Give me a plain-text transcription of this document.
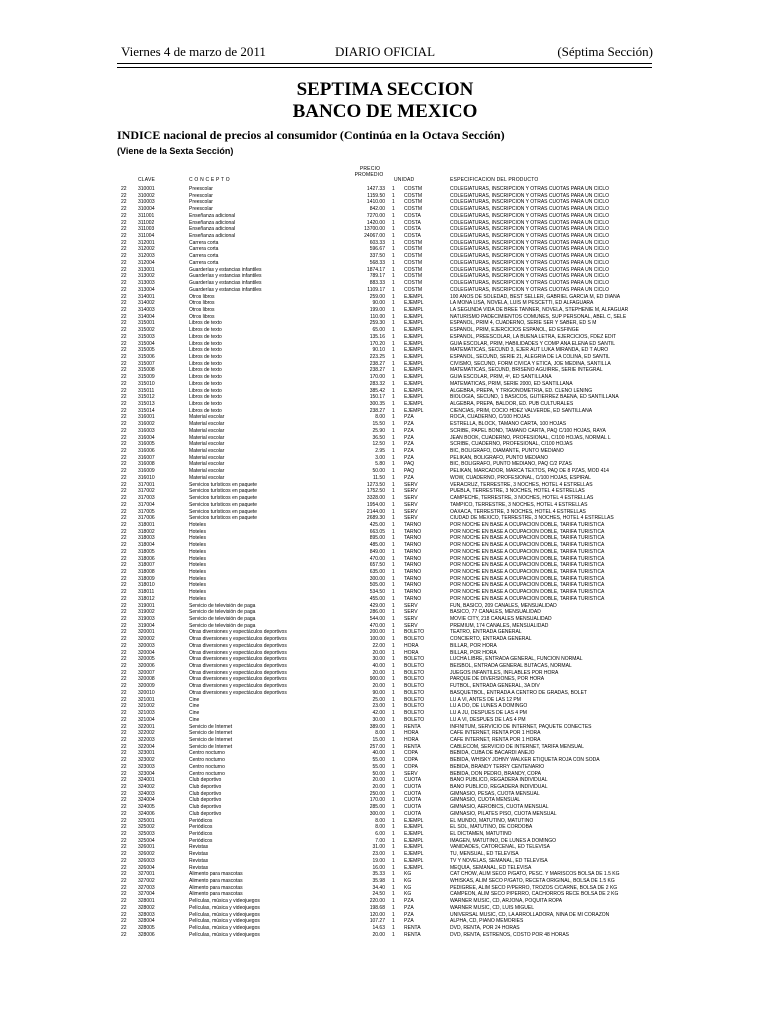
Viernes 4 de marzo de 2011	DIARIO OFICIAL	(Séptima Sección)
SEPTIMA SECCION
BANCO DE MEXICO
INDICE nacional de precios al consumidor (Continúa en la Octava Sección)
(Viene de la Sexta Sección)
CLAVE	C O N C E P T O
PRECIO
PROMEDIO
UNIDAD	ESPECIFICACION DEL PRODUCTO
22 310001	Preescolar	1427.33 1 COSTM	COLEGIATURAS, INSCRIPCION Y OTRAS CUOTAS PARA UN CICLO
22 310002	Preescolar	1159.50 1 COSTM	COLEGIATURAS, INSCRIPCION Y OTRAS CUOTAS PARA UN CICLO
22 310003	Preescolar	1410.00 1 COSTM	COLEGIATURAS, INSCRIPCION Y OTRAS CUOTAS PARA UN CICLO
22 310004	Preescolar	842.00 1 COSTM	COLEGIATURAS, INSCRIPCION Y OTRAS CUOTAS PARA UN CICLO
22 311001	Enseñanza adicional	7270.00 1 COSTA	COLEGIATURAS, INSCRIPCION Y OTRAS CUOTAS PARA UN CICLO
22 311002	Enseñanza adicional	1420.00 1 COSTA	COLEGIATURAS, INSCRIPCION Y OTRAS CUOTAS PARA UN CICLO
22 311003	Enseñanza adicional	13700.00 1 COSTA	COLEGIATURAS, INSCRIPCION Y OTRAS CUOTAS PARA UN CICLO
22 311004	Enseñanza adicional	24067.00 1 COSTA	COLEGIATURAS, INSCRIPCION Y OTRAS CUOTAS PARA UN CICLO
22 312001	Carrera corta	603.33 1 COSTM	COLEGIATURAS, INSCRIPCION Y OTRAS CUOTAS PARA UN CICLO
22 312002	Carrera corta	596.67 1 COSTM	COLEGIATURAS, INSCRIPCION Y OTRAS CUOTAS PARA UN CICLO
22 312003	Carrera corta	337.50 1 COSTM	COLEGIATURAS, INSCRIPCION Y OTRAS CUOTAS PARA UN CICLO
22 312004	Carrera corta	568.33 1 COSTM	COLEGIATURAS, INSCRIPCION Y OTRAS CUOTAS PARA UN CICLO
22 313001	Guarderías y estancias infantiles	1874.17 1 COSTM	COLEGIATURAS, INSCRIPCION Y OTRAS CUOTAS PARA UN CICLO
22 313002	Guarderías y estancias infantiles	789.17 1 COSTM	COLEGIATURAS, INSCRIPCION Y OTRAS CUOTAS PARA UN CICLO
22 313003	Guarderías y estancias infantiles	883.33 1 COSTM	COLEGIATURAS, INSCRIPCION Y OTRAS CUOTAS PARA UN CICLO
22 313004	Guarderías y estancias infantiles	1109.17 1 COSTM	COLEGIATURAS, INSCRIPCION Y OTRAS CUOTAS PARA UN CICLO
22 314001	Otros libros	259.00 1 EJEMPL	100 AÑOS DE SOLEDAD, BEST SELLER, GABRIEL GARCIA M, ED DIANA
22 314002	Otros libros	90.00 1 EJEMPL	LA MONA LISA, NOVELA, LUIS M PESCETTI, ED ALFAGUARA
22 314003	Otros libros	199.00 1 EJEMPL	LA SEGUNDA VIDA DE BREE TANNER, NOVELA, STEPHENIE M, ALFAGUAR
22 314004	Otros libros	110.00 1 EJEMPL	NATURISMO PADECIMIENTOS COMUNES, SUP PERSONAL, ABEL C, SELE
22 315001	Libros de texto	259.30 1 EJEMPL	ESPAÑOL, PRIM 4, CUADERNO, SERIE SER Y SABER, ED S M
22 315002	Libros de texto	65.00 1 EJEMPL	ESPAÑOL, PRIM, EJERCICIOS ESPAÑOL, ED ESFINGE
22 315003	Libros de texto	135.16 1 EJEMPL	ESPAÑOL, PREESCOLAR, LA BUENA LETRA, EJERCICIOS, FDEZ EDIT
22 315004	Libros de texto	170.20 1 EJEMPL	GUIA ESCOLAR, PRIM, HABILIDADES Y COMP ANA ELENA ED SANTIL
22 315005	Libros de texto	90.10 1 EJEMPL	MATEMATICAS, SECUND 3, EJER AUT LUKA MIRANDA, ED T AURO
22 315006	Libros de texto	223.25 1 EJEMPL	ESPAÑOL, SECUND, SERIE 21, ALEGRIA DE LA COLINA, ED SANTIL
22 315007	Libros de texto	238.27 1 EJEMPL	CIVISMO, SECUND, FORM CIVICA Y ETICA, JOE MEDINA, SANTILLA
22 315008	Libros de texto	238.27 1 EJEMPL	MATEMATICAS, SECUND, BRISEÑO AGUIRRE, SERIE INTEGRAL
22 315009	Libros de texto	170.00 1 EJEMPL	GUIA ESCOLAR, PRIM, 4º, ED SANTILLANA
22 315010	Libros de texto	283.32 1 EJEMPL	MATEMATICAS, PRIM, SERIE 2000, ED SANTILLANA
22 315011	Libros de texto	385.42 1 EJEMPL	ALGEBRA, PREPA, Y TRIGONOMETRIA, ED. CLENO LENING
22 315012	Libros de texto	150.17 1 EJEMPL	BIOLOGIA, SECUND, 1 BASICOS, GUTIERREZ BAENA, ED SANTILLANA
22 315013	Libros de texto	300.35 1 EJEMPL	ALGEBRA, PREPA, BALDOR, ED. PUB CULTURALES
22 315014	Libros de texto	238.27 1 EJEMPL	CIENCIAS, PRIM, COCIO HDEZ VALVERDE, ED SANTILLANA
22 316001	Material escolar	8.00 1 PZA	ROCA, CUADERNO, C/100 HOJAS
22 316002	Material escolar	15.50 1 PZA	ESTRELLA, BLOCK, TAMAÑO CARTA, 100 HOJAS
22 316003	Material escolar	25.90 1 PZA	SCRIBE, PAPEL BOND, TAMAÑO CARTA, PAQ C/100 HOJAS, RAYA
22 316004	Material escolar	36.50 1 PZA	JEAN BOOK, CUADERNO, PROFESIONAL, C/100 HOJAS, NORMAL L
22 316005	Material escolar	12.50 1 PZA	SCRIBE, CUADERNO, PROFESIONAL, C/100 HOJAS
22 316006	Material escolar	2.95 1 PZA	BIC, BOLIGRAFO, DIAMANTE, PUNTO MEDIANO
22 316007	Material escolar	3.00 1 PZA	PELIKAN, BOLIGRAFO, PUNTO MEDIANO
22 316008	Material escolar	5.80 1 PAQ	BIC, BOLIGRAFO, PUNTO MEDIANO, PAQ C/2 PZAS
22 316009	Material escolar	50.00 1 PAQ	PELIKAN, MARCADOR, MARCA TEXTOS, PAQ DE 8 PZAS, MOD 414
22 316010	Material escolar	11.50 1 PZA	WOW, CUADERNO, PROFESIONAL, C/100 HOJAS, ESPIRAL
22 317001	Servicios turísticos en paquete	1273.50 1 SERV	VERACRUZ, TERRESTRE, 3 NOCHES, HOTEL 4 ESTRELLAS
22 317002	Servicios turísticos en paquete	1752.50 1 SERV	PUEBLA, TERRESTRE, 3 NOCHES, HOTEL 4 ESTRELLAS
22 317003	Servicios turísticos en paquete	3328.00 1 SERV	CAMPECHE, TERRESTRE, 3 NOCHES, HOTEL 4 ESTRELLAS
22 317004	Servicios turísticos en paquete	1954.00 1 SERV	TAMPICO, TERRESTRE, 3 NOCHES, HOTEL 4 ESTRELLAS
22 317005	Servicios turísticos en paquete	2144.00 1 SERV	OAXACA, TERRESTRE, 3 NOCHES, HOTEL 4 ESTRELLAS
22 317006	Servicios turísticos en paquete	2689.30 1 SERV	CIUDAD DE MEXICO, TERRESTRE, 3 NOCHES, HOTEL 4 ESTRELLAS
22 318001	Hoteles	425.00 1 TARNO	POR NOCHE EN BASE A OCUPACION DOBLE, TARIFA TURISTICA
22 318002	Hoteles	663.05 1 TARNO	POR NOCHE EN BASE A OCUPACION DOBLE, TARIFA TURISTICA
22 318003	Hoteles	895.00 1 TARNO	POR NOCHE EN BASE A OCUPACION DOBLE, TARIFA TURISTICA
22 318004	Hoteles	485.00 1 TARNO	POR NOCHE EN BASE A OCUPACION DOBLE, TARIFA TURISTICA
22 318005	Hoteles	849.00 1 TARNO	POR NOCHE EN BASE A OCUPACION DOBLE, TARIFA TURISTICA
22 318006	Hoteles	470.00 1 TARNO	POR NOCHE EN BASE A OCUPACION DOBLE, TARIFA TURISTICA
22 318007	Hoteles	657.50 1 TARNO	POR NOCHE EN BASE A OCUPACION DOBLE, TARIFA TURISTICA
22 318008	Hoteles	635.00 1 TARNO	POR NOCHE EN BASE A OCUPACION DOBLE, TARIFA TURISTICA
22 318009	Hoteles	300.00 1 TARNO	POR NOCHE EN BASE A OCUPACION DOBLE, TARIFA TURISTICA
22 318010	Hoteles	505.00 1 TARNO	POR NOCHE EN BASE A OCUPACION DOBLE, TARIFA TURISTICA
22 318011	Hoteles	534.50 1 TARNO	POR NOCHE EN BASE A OCUPACION DOBLE, TARIFA TURISTICA
22 318012	Hoteles	455.00 1 TARNO	POR NOCHE EN BASE A OCUPACION DOBLE, TARIFA TURISTICA
22 319001	Servicio de televisión de paga	429.00 1 SERV	FUN, BASICO, 209 CANALES, MENSUALIDAD
22 319002	Servicio de televisión de paga	286.00 1 SERV	BASICO, 77 CANALES, MENSUALIDAD
22 319003	Servicio de televisión de paga	544.00 1 SERV	MOVIE CITY, 218 CANALES MENSUALIDAD
22 319004	Servicio de televisión de paga	470.00 1 SERV	PREMIUM, 174 CANALES, MENSUALIDAD
22 320001	Otras diversiones y espectáculos deportivos	200.00 1 BOLETO	TEATRO, ENTRADA GENERAL
22 320002	Otras diversiones y espectáculos deportivos	100.00 1 BOLETO	CONCIERTO, ENTRADA GENERAL
22 320003	Otras diversiones y espectáculos deportivos	22.00 1 HORA	BILLAR, POR HORA
22 320004	Otras diversiones y espectáculos deportivos	20.00 1 HORA	BILLAR, POR HORA
22 320005	Otras diversiones y espectáculos deportivos	30.00 1 BOLETO	LUCHA LIBRE, ENTRADA GENERAL, FUNCION NORMAL
22 320006	Otras diversiones y espectáculos deportivos	40.00 1 BOLETO	BEISBOL, ENTRADA GENERAL BUTACAS, NORMAL
22 320007	Otras diversiones y espectáculos deportivos	20.00 1 BOLETO	JUEGOS INFANTILES, INFLABLES POR HORA
22 320008	Otras diversiones y espectáculos deportivos	900.00 1 BOLETO	PARQUE DE DIVERSIONES, POR HORA
22 320009	Otras diversiones y espectáculos deportivos	20.00 1 BOLETO	FUTBOL, ENTRADA GENERAL, 3A DIV
22 320010	Otras diversiones y espectáculos deportivos	90.00 1 BOLETO	BASQUETBOL, ENTRADA A CENTRO DE GRADAS, BOLET
22 321001	Cine	25.00 1 BOLETO	LU A VI, ANTES DE LAS 12 PM
22 321002	Cine	23.00 1 BOLETO	LU A DO, DE LUNES A DOMINGO
22 321003	Cine	42.00 1 BOLETO	LU A JU, DESPUES DE LAS 4 PM
22 321004	Cine	30.00 1 BOLETO	LU A VI, DESPUES DE LAS 4 PM
22 322001	Servicio de Internet	389.00 1 RENTA	INFINITUM, SERVICIO DE INTERNET, PAQUETE CONECTES
22 322002	Servicio de Internet	8.00 1 HORA	CAFE INTERNET, RENTA POR 1 HORA
22 322003	Servicio de Internet	15.00 1 HORA	CAFE INTERNET, RENTA POR 1 HORA
22 322004	Servicio de Internet	257.00 1 RENTA	CABLECOM, SERVICIO DE INTERNET, TARIFA MENSUAL
22 323001	Centro nocturno	40.00 1 COPA	BEBIDA, CUBA DE BACARDI AÑEJO
22 323002	Centro nocturno	55.00 1 COPA	BEBIDA, WHISKY JOHNY WALKER ETIQUETA ROJA CON SODA
22 323003	Centro nocturno	55.00 1 COPA	BEBIDA, BRANDY TERRY CENTENARIO
22 323004	Centro nocturno	50.00 1 SERV	BEBIDA, DON PEDRO, BRANDY, COPA
22 324001	Club deportivo	20.00 1 CUOTA	BAÑO PUBLICO, REGADERA INDIVIDUAL
22 324002	Club deportivo	20.00 1 CUOTA	BAÑO PUBLICO, REGADERA INDIVIDUAL
22 324003	Club deportivo	250.00 1 CUOTA	GIMNASIO, PESAS, CUOTA MENSUAL
22 324004	Club deportivo	170.00 1 CUOTA	GIMNASIO, CUOTA MENSUAL
22 324005	Club deportivo	285.00 1 CUOTA	GIMNASIO, AEROBICS, CUOTA MENSUAL
22 324006	Club deportivo	300.00 1 CUOTA	GIMNASIO, PILATES PISO, CUOTA MENSUAL
22 325001	Periódicos	8.00 1 EJEMPL	EL MUNDO, MATUTINO, MATUTINO
22 325002	Periódicos	8.00 1 EJEMPL	EL SOL, MATUTINO, DE CORDOBA
22 325003	Periódicos	6.00 1 EJEMPL	EL DICTAMEN, MATUTINO
22 325004	Periódicos	7.00 1 EJEMPL	IMAGEN, MATUTINO, DE LUNES A DOMINGO
22 326001	Revistas	31.00 1 EJEMPL	VANIDADES, CATORCENAL, ED TELEVISA
22 326002	Revistas	23.00 1 EJEMPL	TU, MENSUAL, ED TELEVISA
22 326003	Revistas	19.00 1 EJEMPL	TV Y NOVELAS, SEMANAL, ED TELEVISA
22 326004	Revistas	16.00 1 EJEMPL	MEQUIA, SEMANAL, ED TELEVISA
22 327001	Alimento para mascotas	35.33 1 KG	CAT CHOW, ALIM SECO P/GATO, PESC. Y MARISCOS BOLSA DE 1.5 KG
22 327002	Alimento para mascotas	35.98 1 KG	WHISKAS, ALIM SECO P/GATO, RECETA ORIGINAL, BOLSA DE 1.5 KG
22 327003	Alimento para mascotas	34.40 1 KG	PEDIGREE, ALIM SECO P/PERRO, TROZOS C/CARNE, BOLSA DE 2 KG
22 327004	Alimento para mascotas	24.50 1 KG	CAMPEON, ALIM SECO P/PERRO, CACHORROS RECE BOLSA DE 2 KG
22 328001	Películas, música y videojuegos	220.00 1 PZA	WARNER MUSIC, CD, ARJONA, POQUITA ROPA
22 328002	Películas, música y videojuegos	198.68 1 PZA	WARNER MUSIC, CD, LUIS MIGUEL
22 328003	Películas, música y videojuegos	120.00 1 PZA	UNIVERSAL MUSIC, CD, LA ARROLLADORA, NIÑA DE MI CORAZON
22 328004	Películas, música y videojuegos	107.27 1 PZA	ALPHA, CD, PIANO MEMORIES
22 328005	Películas, música y videojuegos	14.63 1 RENTA	DVD, RENTA, POR 24 HORAS
22 328006	Películas, música y videojuegos	20.00 1 RENTA	DVD, RENTA, ESTRENOS, COSTO POR 48 HORAS
